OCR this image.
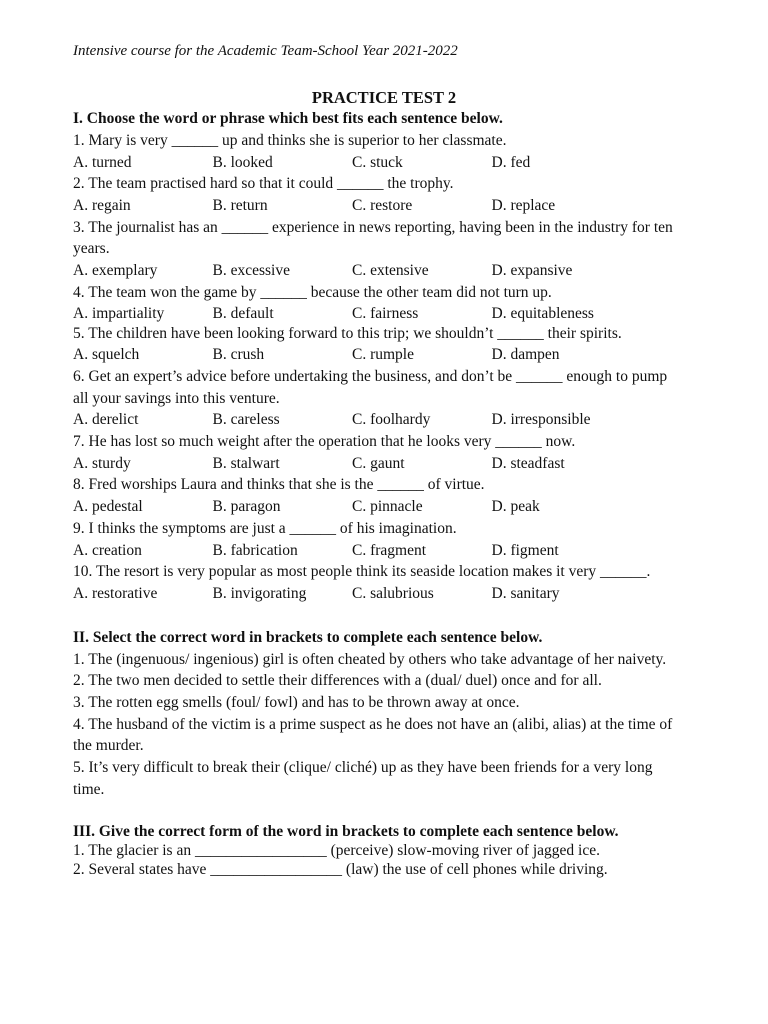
Intensive course for the Academic Team-School Year 2021-2022
PRACTICE TEST 2
I. Choose the word or phrase which best fits each sentence below.
1. Mary is very ______ up and thinks she is superior to her classmate.
A. turned	B. looked	C. stuck	D. fed
2. The team practised hard so that it could ______ the trophy.
A. regain	B. return	C. restore	D. replace
3. The journalist has an ______ experience in news reporting, having been in the industry for ten years.
A. exemplary	B. excessive	C. extensive	D. expansive
4. The team won the game by ______ because the other team did not turn up.
A. impartiality	B. default	C. fairness	D. equitableness
5. The children have been looking forward to this trip; we shouldn’t ______ their spirits.
A. squelch	B. crush	C. rumple	D. dampen
6. Get an expert’s advice before undertaking the business, and don’t be ______ enough to pump all your savings into this venture.
A. derelict	B. careless	C. foolhardy	D. irresponsible
7. He has lost so much weight after the operation that he looks very ______ now.
A. sturdy	B. stalwart	C. gaunt	D. steadfast
8. Fred worships Laura and thinks that she is the ______ of virtue.
A. pedestal	B. paragon	C. pinnacle	D. peak
9. I thinks the symptoms are just a ______ of his imagination.
A. creation	B. fabrication	C. fragment	D. figment
10. The resort is very popular as most people think its seaside location makes it very ______.
A. restorative	B. invigorating	C. salubrious	D. sanitary
II. Select the correct word in brackets to complete each sentence below.
1. The (ingenuous/ ingenious) girl is often cheated by others who take advantage of her naivety.
2. The two men decided to settle their differences with a (dual/ duel) once and for all.
3. The rotten egg smells (foul/ fowl) and has to be thrown away at once.
4. The husband of the victim is a prime suspect as he does not have an (alibi, alias) at the time of the murder.
5. It’s very difficult to break their (clique/ cliché) up as they have been friends for a very long time.
III. Give the correct form of the word in brackets to complete each sentence below.
1. The glacier is an _________________ (perceive) slow-moving river of jagged ice.
2. Several states have _________________ (law) the use of cell phones while driving.
